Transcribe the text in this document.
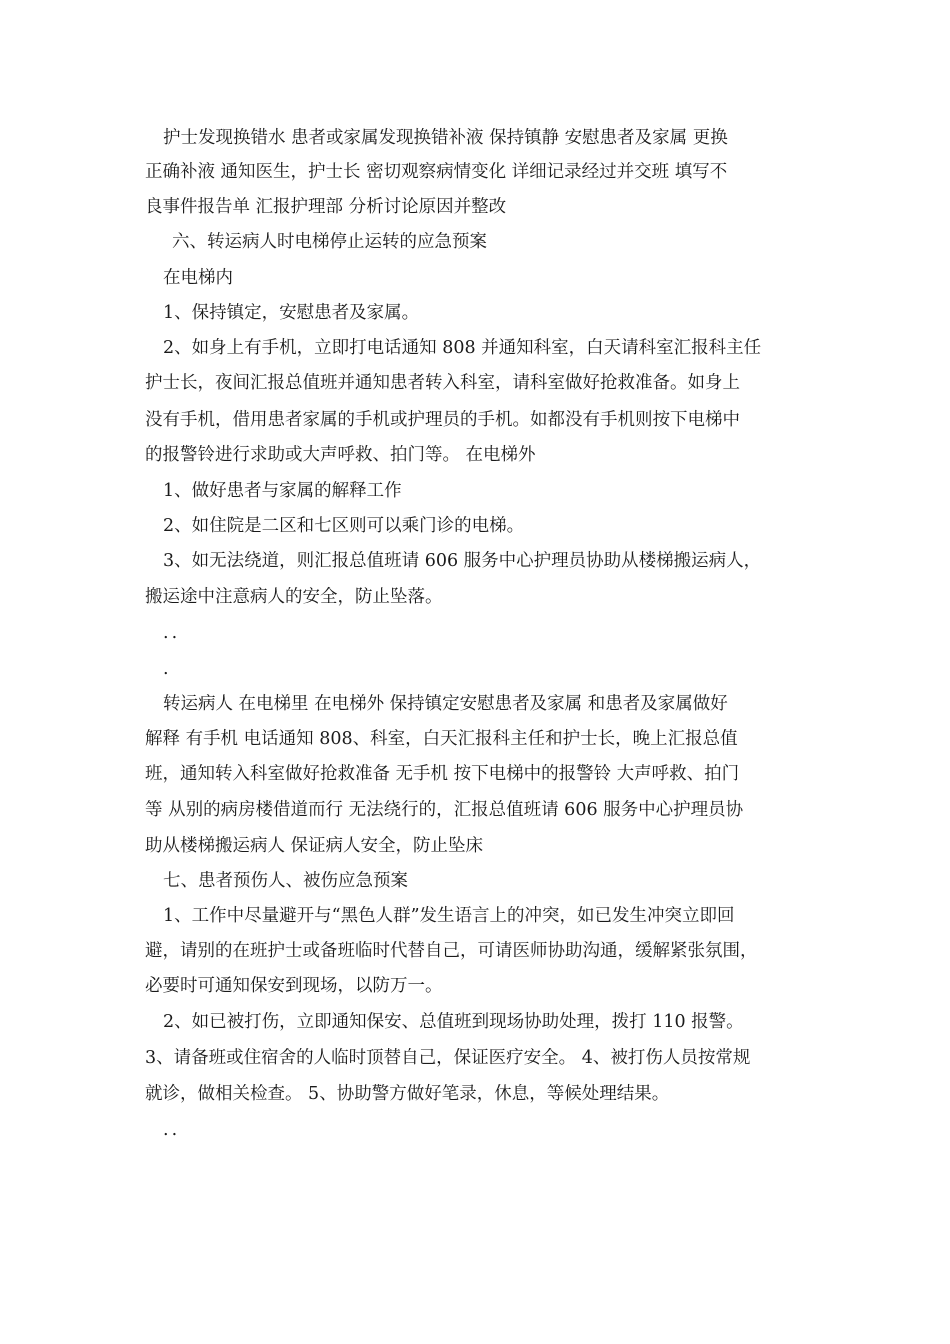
护士发现换错水 患者或家属发现换错补液 保持镇静 安慰患者及家属 更换
正确补液 通知医生，护士长 密切观察病情变化 详细记录经过并交班 填写不
良事件报告单 汇报护理部 分析讨论原因并整改
六、转运病人时电梯停止运转的应急预案
在电梯内
1、保持镇定，安慰患者及家属。
2、如身上有手机，立即打电话通知 808 并通知科室，白天请科室汇报科主任
护士长，夜间汇报总值班并通知患者转入科室，请科室做好抢救准备。如身上
没有手机，借用患者家属的手机或护理员的手机。如都没有手机则按下电梯中
的报警铃进行求助或大声呼救、拍门等。 在电梯外
1、做好患者与家属的解释工作
2、如住院是二区和七区则可以乘门诊的电梯。
3、如无法绕道，则汇报总值班请 606 服务中心护理员协助从楼梯搬运病人，
搬运途中注意病人的安全，防止坠落。
..
.
转运病人 在电梯里 在电梯外 保持镇定安慰患者及家属 和患者及家属做好
解释 有手机 电话通知 808、科室，白天汇报科主任和护士长，晚上汇报总值
班，通知转入科室做好抢救准备 无手机 按下电梯中的报警铃 大声呼救、拍门
等 从别的病房楼借道而行 无法绕行的，汇报总值班请 606 服务中心护理员协
助从楼梯搬运病人 保证病人安全，防止坠床
七、患者预伤人、被伤应急预案
1、工作中尽量避开与“黑色人群”发生语言上的冲突，如已发生冲突立即回
避，请别的在班护士或备班临时代替自己，可请医师协助沟通，缓解紧张氛围，
必要时可通知保安到现场，以防万一。
2、如已被打伤，立即通知保安、总值班到现场协助处理，拨打 110 报警。
3、请备班或住宿舍的人临时顶替自己，保证医疗安全。 4、被打伤人员按常规
就诊，做相关检查。 5、协助警方做好笔录，休息，等候处理结果。
..
